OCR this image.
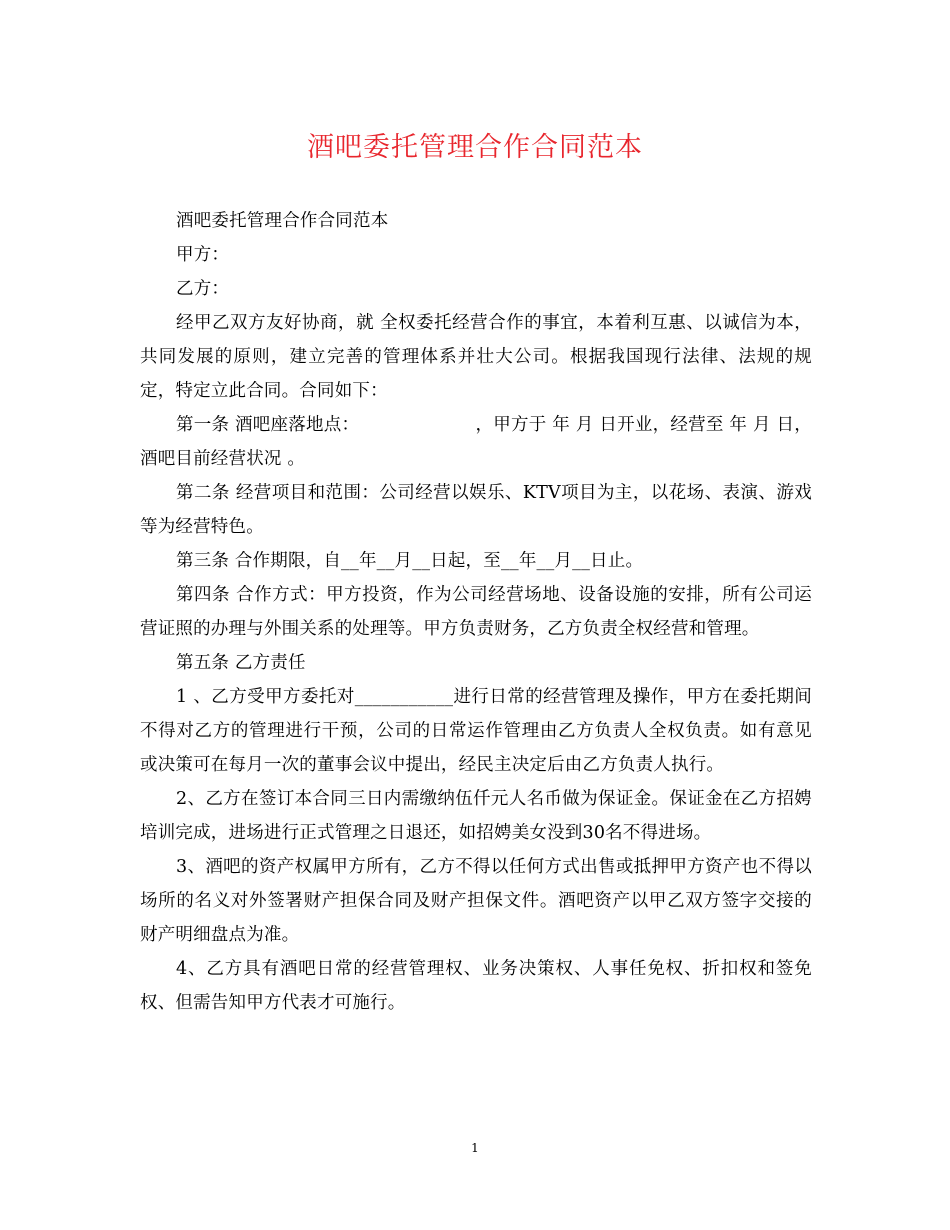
酒吧委托管理合作合同范本

酒吧委托管理合作合同范本

甲方：

乙方：

经甲乙双方友好协商，就 全权委托经营合作的事宜，本着利互惠、以诚信为本，共同发展的原则，建立完善的管理体系并壮大公司。根据我国现行法律、法规的规定，特定立此合同。合同如下：

第一条 酒吧座落地点：                    ，甲方于 年 月 日开业，经营至 年 月 日，酒吧目前经营状况 。

第二条 经营项目和范围：公司经营以娱乐、KTV项目为主，以花场、表演、游戏等为经营特色。

第三条 合作期限，自__年__月__日起，至__年__月__日止。

第四条 合作方式：甲方投资，作为公司经营场地、设备设施的安排，所有公司运营证照的办理与外围关系的处理等。甲方负责财务，乙方负责全权经营和管理。

第五条 乙方责任

1 、乙方受甲方委托对___________进行日常的经营管理及操作，甲方在委托期间不得对乙方的管理进行干预，公司的日常运作管理由乙方负责人全权负责。如有意见或决策可在每月一次的董事会议中提出，经民主决定后由乙方负责人执行。

2、乙方在签订本合同三日内需缴纳伍仟元人名币做为保证金。保证金在乙方招娉培训完成，进场进行正式管理之日退还，如招娉美女没到30名不得进场。

3、酒吧的资产权属甲方所有，乙方不得以任何方式出售或抵押甲方资产也不得以场所的名义对外签署财产担保合同及财产担保文件。酒吧资产以甲乙双方签字交接的财产明细盘点为准。

4、乙方具有酒吧日常的经营管理权、业务决策权、人事任免权、折扣权和签免权、但需告知甲方代表才可施行。

1
